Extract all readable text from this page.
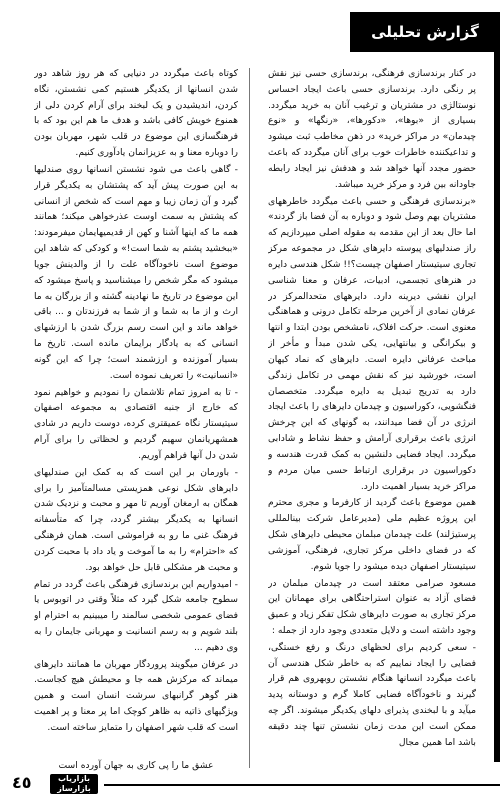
گزارش تحلیلی

در کنار برندسازی فرهنگی، برندسازی حسی نیز نقش پر رنگی دارد. برندسازی حسی باعث ایجاد احساس نوستالژی در مشتریان و ترغیب آنان به خرید میگردد. بسیاری از «بوها»، «دکورها»، «رنگها» و «نوع چیدمان» در مراکز خرید» در ذهن مخاطب ثبت میشود و تداعیکننده خاطرات خوب برای آنان میگردد که باعث حضور مجدد آنها خواهد شد و هدفش نیز ایجاد رابطه جاودانه بین فرد و مرکز خرید میباشد.

«برندسازی فرهنگی و حسی باعث میگردد خاطرههای مشتریان بهم وصل شود و دوباره به آن فضا باز گردند» اما حال بعد از این مقدمه به مقوله اصلی میپردازیم که راز صندلیهای پیوسته دایرهای شکل در مجموعه مرکز تجاری سیتیستار اصفهان چیست؟!! شکل هندسی دایره در هنرهای تجسمی، ادبیات، عرفان و معنا شناسی ایران نقشی دیرینه دارد. دایرههای متحدالمرکز در عرفان نمادی از آخرین مرحله تکامل درونی و هماهنگی معنوی است. حرکت افلاک، نامشخص بودن ابتدا و انتها و بیکرانگی و بیانتهایی، یکی شدن مبدأ و مأخر از مباحث عرفانی دایره است. دایرهای که نماد کیهان است، خورشید نیز که نقش مهمی در تکامل زندگی دارد به تدریج تبدیل به دایره میگردد. متخصصان فنگشویی، دکوراسیون و چیدمان دایرهای را باعث ایجاد انرژی در آن فضا میدانند، به گونهای که این چرخش انرژی باعث برقراری آرامش و حفظ نشاط و شادابی میگردد. ایجاد فضایی دلنشین به کمک قدرت هندسه و دکوراسیون در برقراری ارتباط حسی میان مردم و مراکز خرید بسیار اهمیت دارد.

همین موضوع باعث گردید از کارفرما و مجری محترم این پروژه عظیم ملی (مدیرعامل شرکت بینالمللی پرستیژلند) علت چیدمان مبلمان محیطی دایرهای شکل که در فضای داخلی مرکز تجاری، فرهنگی، آموزشی سیتیستار اصفهان دیده میشود را جویا شوم.

مسعود صرامی معتقد است در چیدمان مبلمان در فضای آزاد به عنوان استراحتگاهی برای مهمانان این مرکز تجاری به صورت دایرهای شکل تفکر زیاد و عمیق وجود داشته است و دلایل متعددی وجود دارد از جمله :

- سعی کردیم برای لحظهای درنگ و رفع خستگی، فضایی را ایجاد نماییم که به خاطر شکل هندسی آن باعث میگردد انسانها هنگام نشستن روبهروی هم قرار گیرند و ناخودآگاه فضایی کاملا گرم و دوستانه پدید میآید و با لبخندی پذیرای دلهای یکدیگر میشوند. اگر چه ممکن است این مدت زمان نشستن تنها چند دقیقه باشد اما همین مجال

کوتاه باعث میگردد در دنیایی که هر روز شاهد دور شدن انسانها از یکدیگر هستیم کمی نشستن، نگاه کردن، اندیشیدن و یک لبخند برای آرام کردن دلی از همنوع خویش کافی باشد و هدف ما هم این بود که با فرهنگسازی این موضوع در قلب شهر، مهربان بودن را دوباره معنا و به عزیزانمان یادآوری کنیم.

- گاهی باعث می شود نشستن انسانها روی صندلیها به این صورت پیش آید که پشتشان به یکدیگر قرار گیرد و آن زمان زیبا و مهم است که شخص از انسانی که پشتش به سمت اوست عذرخواهی میکند؛ همانند همه ما که اینها آشنا و کهن از قدیمیهایمان میفرمودند: «ببخشید پشتم به شما است!» و کودکی که شاهد این موضوع است ناخودآگاه علت را از والدینش جویا میشود که مگر شخص را میشناسید و پاسخ میشود که این موضوع در تاریخ ما نهادینه گشته و از بزرگان به ما ارث و از ما به شما و از شما به فرزندتان و ... باقی خواهد ماند و این است رسم بزرگ شدن با ارزشهای انسانی که به یادگار برایمان مانده است. تاریخ ما بسیار آموزنده و ارزشمند است؛ چرا که این گونه «انسانیت» را تعریف نموده است.

- تا به امروز تمام تلاشمان را نمودیم و خواهیم نمود که خارج از جنبه اقتصادی به مجموعه اصفهان سیتیستار نگاه عمیقتری کرده، دوست داریم در شادی همشهریانمان سهیم گردیم و لحظاتی را برای آرام شدن دل آنها فراهم آوریم.

- باورمان بر این است که به کمک این صندلیهای دایرهای شکل نوعی همزیستی مسالمتآمیز را برای همگان به ارمغان آوریم تا مهر و محبت و نزدیک شدن انسانها به یکدیگر بیشتر گردد، چرا که متأسفانه فرهنگ غنی ما رو به فراموشی است. همان فرهنگی که «احترام» را به ما آموخت و یاد داد با محبت کردن و محبت هر مشکلی قابل حل خواهد بود.

- امیدواریم این برندسازی فرهنگی باعث گردد در تمام سطوح جامعه شکل گیرد که مثلاً وقتی در اتوبوس یا فضای عمومی شخصی سالمند را میبینیم به احترام او بلند شویم و به رسم انسانیت و مهربانی جایمان را به وی دهیم ...

در عرفان میگویند پروردگار مهربان ما همانند دایرهای میماند که مرکزش همه جا و محیطش هیچ کجاست. هنر گوهر گرانبهای سرشت انسان است و همین ویژگیهای ذاتیه به ظاهر کوچک اما پر معنا و پر اهمیت است که قلب شهر اصفهان را متمایز ساخته است.

عشق ما را پی کاری به جهان آورده است

بازاریاب بازارساز
٤٥
